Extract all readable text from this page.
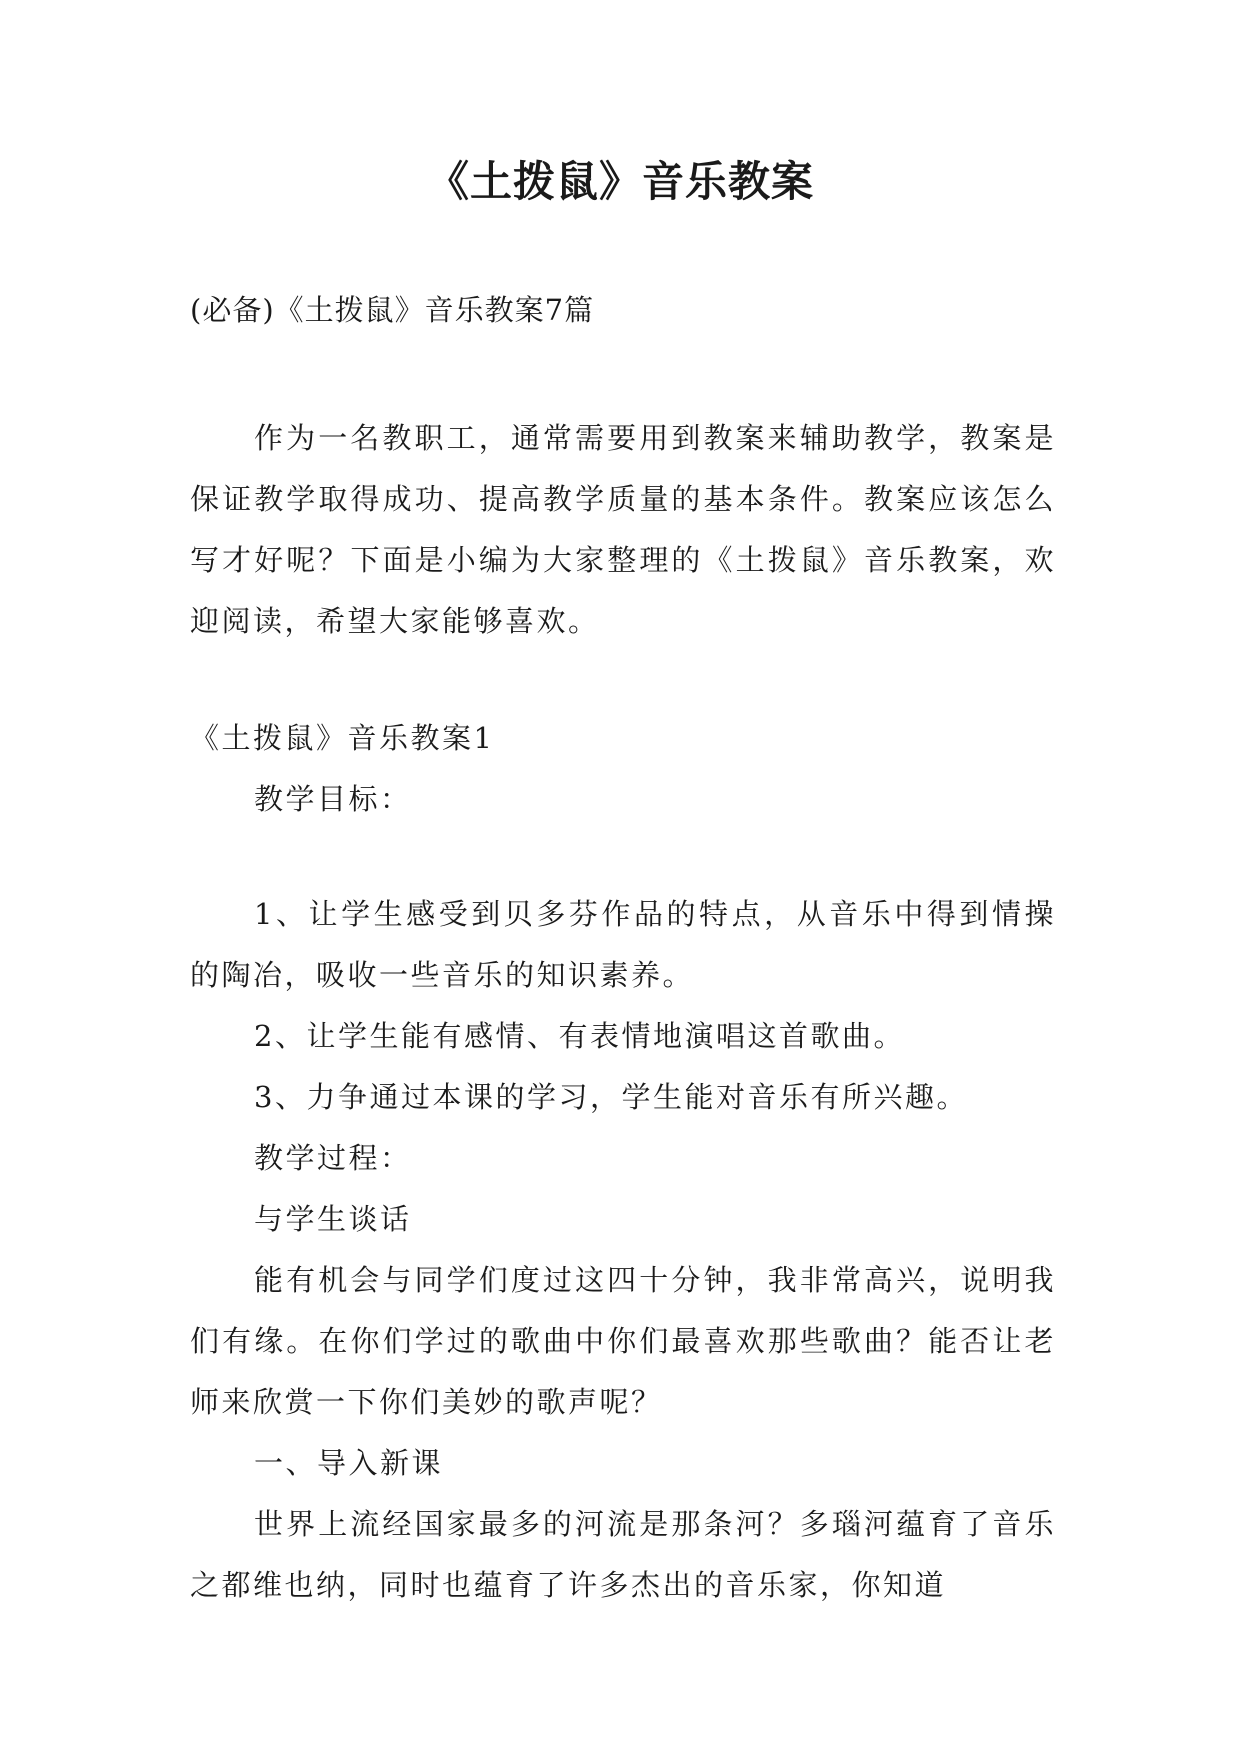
《土拨鼠》音乐教案

(必备)《土拨鼠》音乐教案7篇

作为一名教职工，通常需要用到教案来辅助教学，教案是保证教学取得成功、提高教学质量的基本条件。教案应该怎么写才好呢？下面是小编为大家整理的《土拨鼠》音乐教案，欢迎阅读，希望大家能够喜欢。

《土拨鼠》音乐教案1

教学目标：

1、让学生感受到贝多芬作品的特点，从音乐中得到情操的陶冶，吸收一些音乐的知识素养。

2、让学生能有感情、有表情地演唱这首歌曲。

3、力争通过本课的学习，学生能对音乐有所兴趣。

教学过程：

与学生谈话

能有机会与同学们度过这四十分钟，我非常高兴，说明我们有缘。在你们学过的歌曲中你们最喜欢那些歌曲？能否让老师来欣赏一下你们美妙的歌声呢？

一、导入新课

世界上流经国家最多的河流是那条河？多瑙河蕴育了音乐之都维也纳，同时也蕴育了许多杰出的音乐家，你知道
